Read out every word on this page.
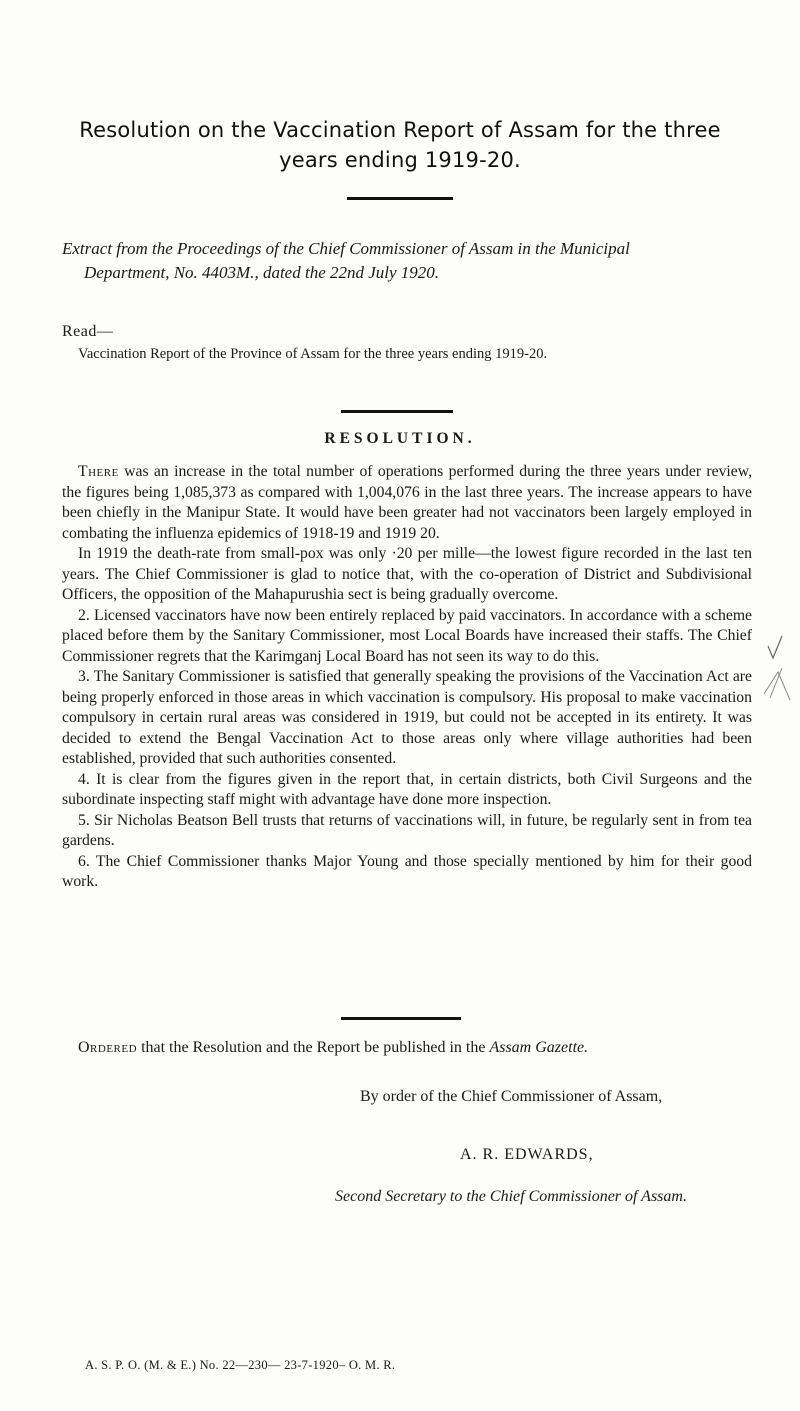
Resolution on the Vaccination Report of Assam for the three
years ending 1919-20.
Extract from the Proceedings of the Chief Commissioner of Assam in the Municipal
Department, No. 4403M., dated the 22nd July 1920.
Read—
Vaccination Report of the Province of Assam for the three years ending 1919-20.
RESOLUTION.

There was an increase in the total number of operations performed during the three years under review, the figures being 1,085,373 as compared with 1,004,076 in the last three years. The increase appears to have been chiefly in the Manipur State. It would have been greater had not vaccinators been largely employed in combating the influenza epidemics of 1918-19 and 1919 20.

In 1919 the death-rate from small-pox was only ·20 per mille—the lowest figure recorded in the last ten years. The Chief Commissioner is glad to notice that, with the co-operation of District and Subdivisional Officers, the opposition of the Mahapurushia sect is being gradually overcome.

2. Licensed vaccinators have now been entirely replaced by paid vaccinators. In accordance with a scheme placed before them by the Sanitary Commissioner, most Local Boards have increased their staffs. The Chief Commissioner regrets that the Karimganj Local Board has not seen its way to do this.

3. The Sanitary Commissioner is satisfied that generally speaking the provisions of the Vaccination Act are being properly enforced in those areas in which vaccination is compulsory. His proposal to make vaccination compulsory in certain rural areas was considered in 1919, but could not be accepted in its entirety. It was decided to extend the Bengal Vaccination Act to those areas only where village authorities had been established, provided that such authorities consented.

4. It is clear from the figures given in the report that, in certain districts, both Civil Surgeons and the subordinate inspecting staff might with advantage have done more inspection.

5. Sir Nicholas Beatson Bell trusts that returns of vaccinations will, in future, be regularly sent in from tea gardens.

6. The Chief Commissioner thanks Major Young and those specially mentioned by him for their good work.

Ordered that the Resolution and the Report be published in the Assam Gazette.
By order of the Chief Commissioner of Assam,
A. R. EDWARDS,
Second Secretary to the Chief Commissioner of Assam.
A. S. P. O. (M. & E.) No. 22—230— 23-7-1920– O. M. R.
